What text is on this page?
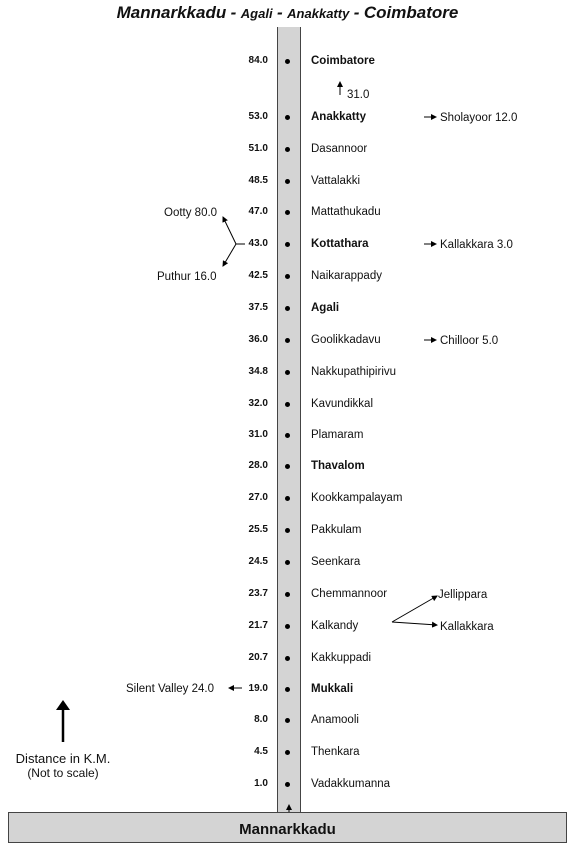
Mannarkkadu - Agali - Anakkatty - Coimbatore
84.0	Coimbatore
53.0	Anakkatty
51.0	Dasannoor
48.5	Vattalakki
47.0	Mattathukadu
43.0	Kottathara
42.5	Naikarappady
37.5	Agali
36.0	Goolikkadavu
34.8	Nakkupathipirivu
32.0	Kavundikkal
31.0	Plamaram
28.0	Thavalom
27.0	Kookkampalayam
25.5	Pakkulam
24.5	Seenkara
23.7	Chemmannoor
21.7	Kalkandy
20.7	Kakkuppadi
19.0	Mukkali
8.0	Anamooli
4.5	Thenkara
1.0	Vadakkumanna
31.0
Sholayoor 12.0
Kallakkara 3.0
Chilloor 5.0
Ootty 80.0
Puthur 16.0
Jellippara
Kallakkara
Silent Valley 24.0
Distance in K.M.
(Not to scale)
Mannarkkadu
